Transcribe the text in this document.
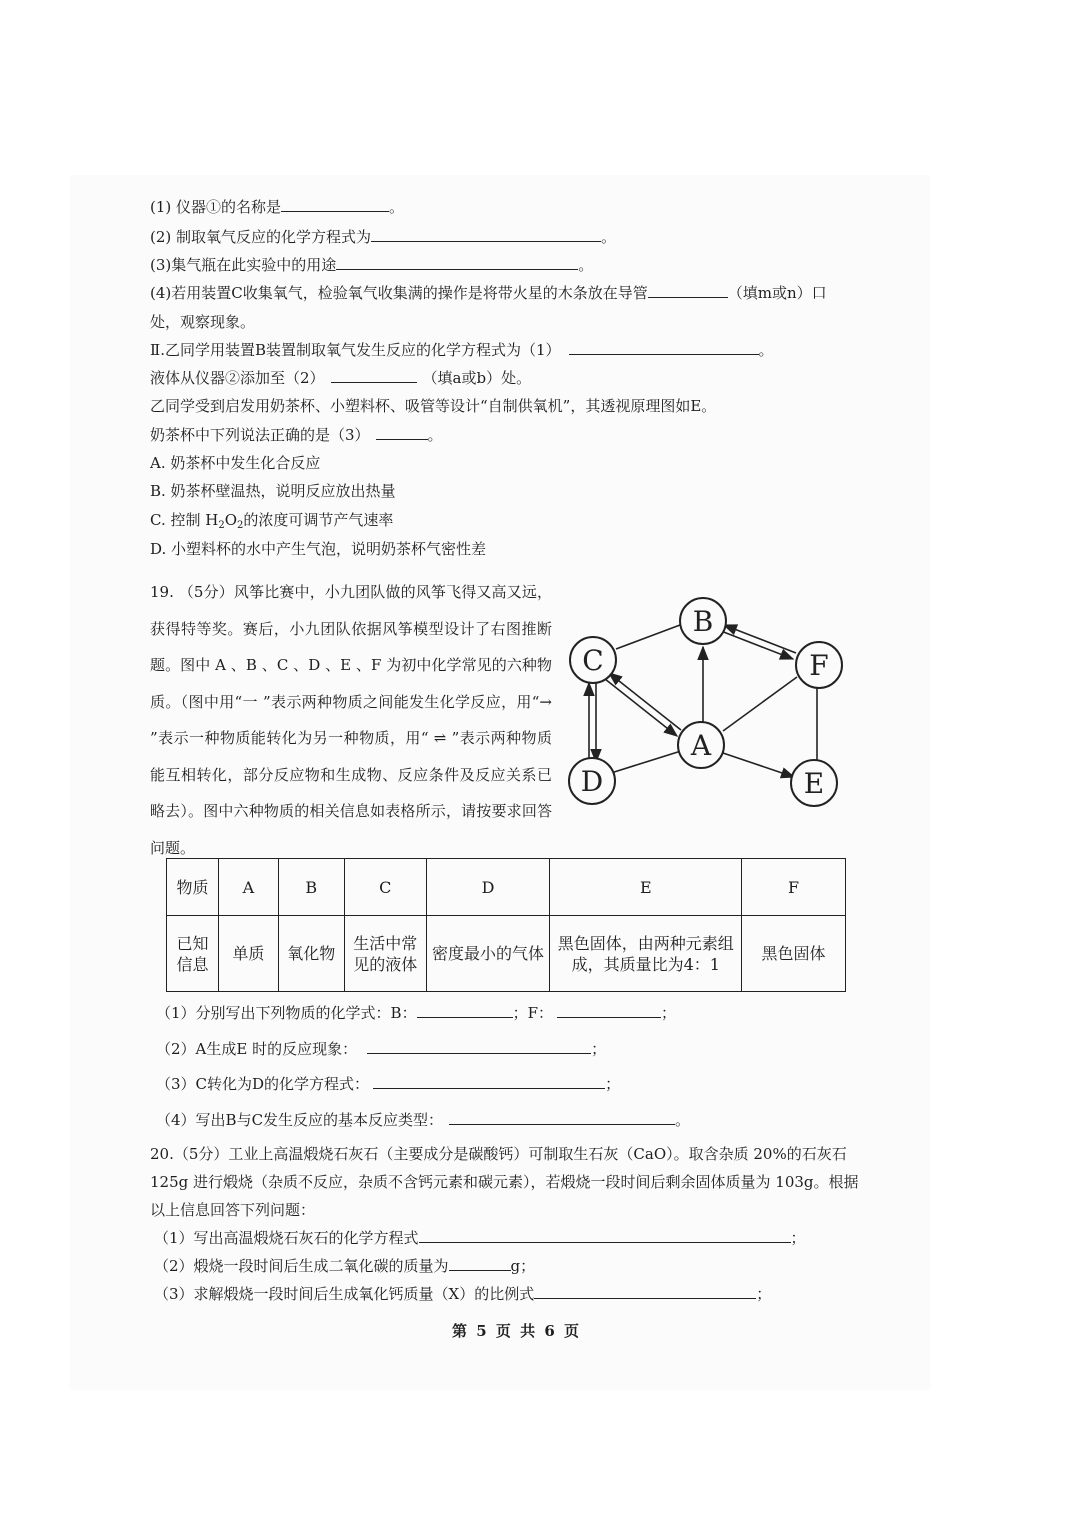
(1) 仪器①的名称是	。
(2) 制取氧气反应的化学方程式为	。
(3)集气瓶在此实验中的用途	。
(4)若用装置C收集氧气，检验氧气收集满的操作是将带火星的木条放在导管	（填m或n）口
处，观察现象。
Ⅱ.乙同学用装置B装置制取氧气发生反应的化学方程式为（1）	。
液体从仪器②添加至（2）	（填a或b）处。
乙同学受到启发用奶茶杯、小塑料杯、吸管等设计“自制供氧机”，其透视原理图如E。
奶茶杯中下列说法正确的是（3）	。
A. 奶茶杯中发生化合反应
B. 奶茶杯壁温热，说明反应放出热量
C. 控制 $H_2O_2$的浓度可调节产气速率
D. 小塑料杯的水中产生气泡，说明奶茶杯气密性差
19. （5分）风筝比赛中，小九团队做的风筝飞得又高又远，获得特等奖。赛后，小九团队依据风筝模型设计了右图推断题。图中 A 、B 、C 、D 、E 、F 为初中化学常见的六种物质。（图中用“一 ”表示两种物质之间能发生化学反应，用“→ ”表示一种物质能转化为另一种物质，用“ ⇌ ”表示两种物质能互相转化，部分反应物和生成物、反应条件及反应关系已略去）。图中六种物质的相关信息如表格所示，请按要求回答问题。
A
B
C
D	E
F
物质	A	B	C	D	E	F
已知信息	单质	氧化物	生活中常见的液体	密度最小的气体	黑色固体，由两种元素组成，其质量比为4：1	黑色固体
（1）分别写出下列物质的化学式：B：	；F：	；
（2）A生成E 时的反应现象：	；
（3）C转化为D的化学方程式：	；
（4）写出B与C发生反应的基本反应类型：	。
20.（5分）工业上高温煅烧石灰石（主要成分是碳酸钙）可制取生石灰（CaO）。取含杂质 20%的石灰石
125g 进行煅烧（杂质不反应，杂质不含钙元素和碳元素），若煅烧一段时间后剩余固体质量为 103g。根据
以上信息回答下列问题：
（1）写出高温煅烧石灰石的化学方程式	；
（2）煅烧一段时间后生成二氧化碳的质量为	g；
（3）求解煅烧一段时间后生成氧化钙质量（X）的比例式	；
第 5 页 共 6 页
